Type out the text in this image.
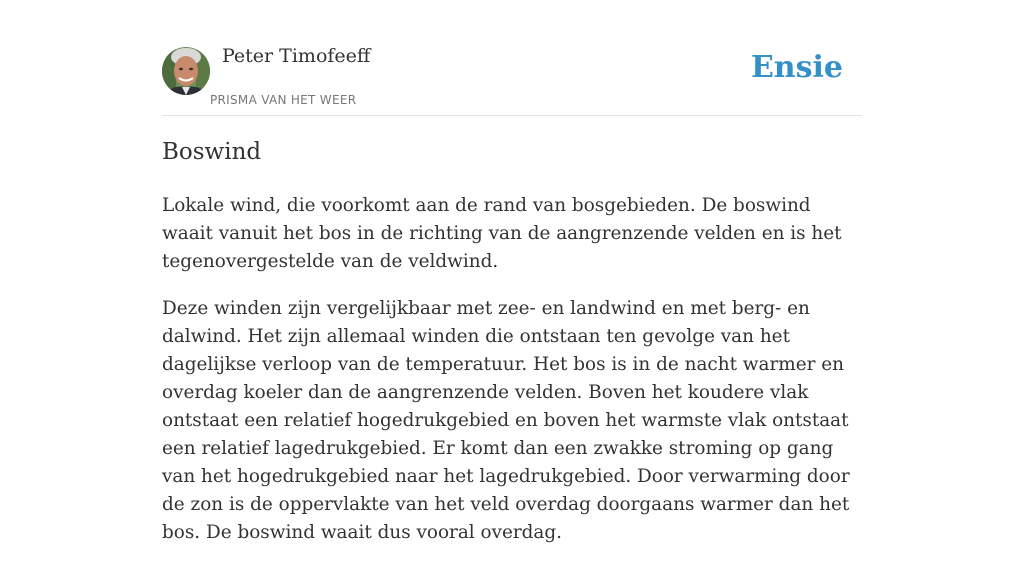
Peter Timofeeff
PRISMA VAN HET WEER
Ensie
Boswind

Lokale wind, die voorkomt aan de rand van bosgebieden. De boswind waait vanuit het bos in de richting van de aangrenzende velden en is het tegenovergestelde van de veldwind.

Deze winden zijn vergelijkbaar met zee- en landwind en met berg- en dalwind. Het zijn allemaal winden die ontstaan ten gevolge van het dagelijkse verloop van de temperatuur. Het bos is in de nacht warmer en overdag koeler dan de aangrenzende velden. Boven het koudere vlak ontstaat een relatief hogedrukgebied en boven het warmste vlak ontstaat een relatief lagedrukgebied. Er komt dan een zwakke stroming op gang van het hogedrukgebied naar het lagedrukgebied. Door verwarming door de zon is de oppervlakte van het veld overdag doorgaans warmer dan het bos. De boswind waait dus vooral overdag.
